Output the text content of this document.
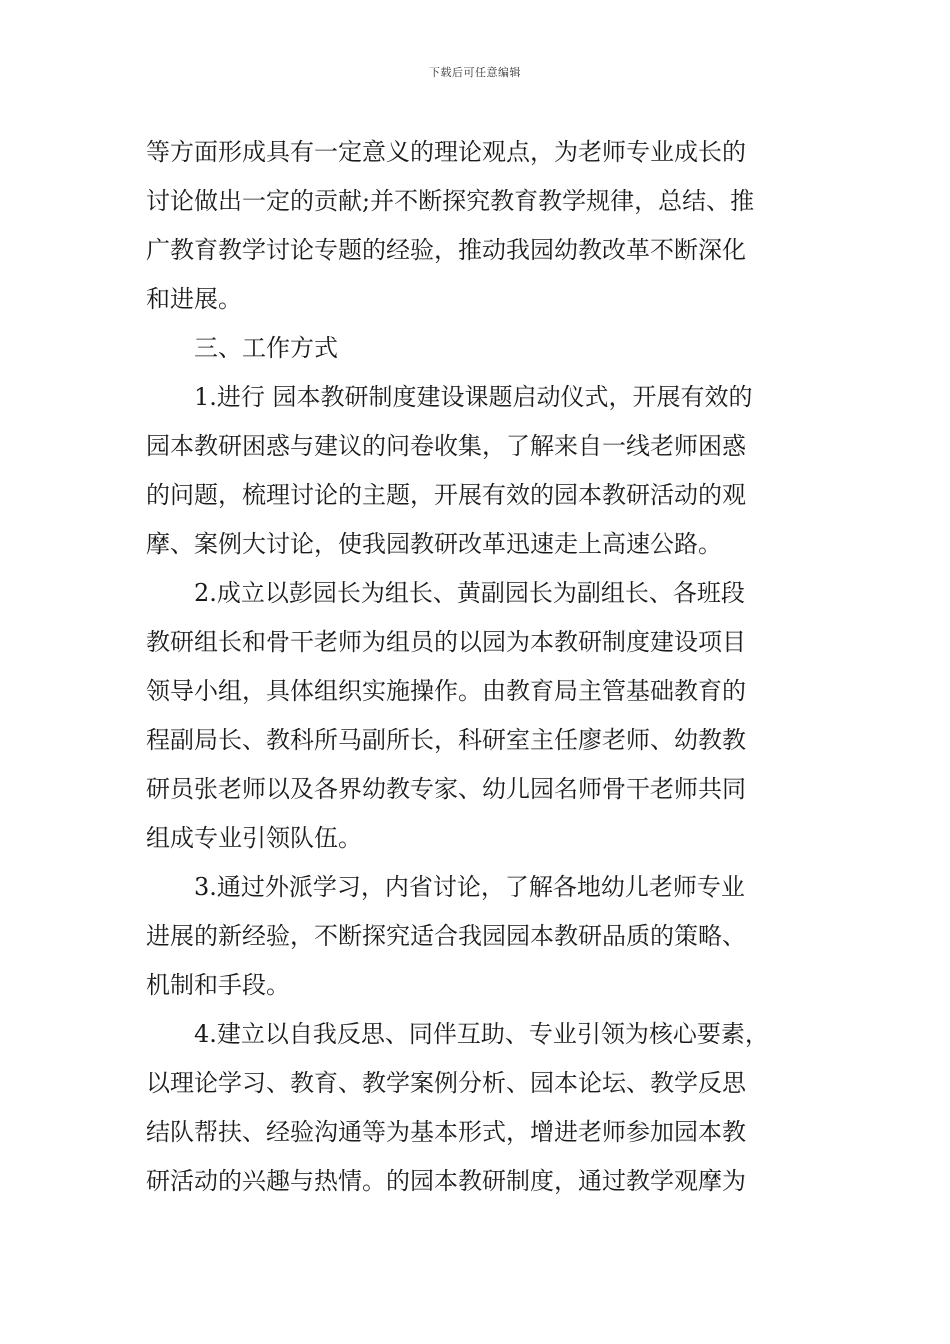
下载后可任意编辑
等方面形成具有一定意义的理论观点，为老师专业成长的
讨论做出一定的贡献;并不断探究教育教学规律，总结、推
广教育教学讨论专题的经验，推动我园幼教改革不断深化
和进展。
三、工作方式
1.进行 园本教研制度建设课题启动仪式，开展有效的
园本教研困惑与建议的问卷收集，了解来自一线老师困惑
的问题，梳理讨论的主题，开展有效的园本教研活动的观
摩、案例大讨论，使我园教研改革迅速走上高速公路。
2.成立以彭园长为组长、黄副园长为副组长、各班段
教研组长和骨干老师为组员的以园为本教研制度建设项目
领导小组，具体组织实施操作。由教育局主管基础教育的
程副局长、教科所马副所长，科研室主任廖老师、幼教教
研员张老师以及各界幼教专家、幼儿园名师骨干老师共同
组成专业引领队伍。
3.通过外派学习，内省讨论，了解各地幼儿老师专业
进展的新经验，不断探究适合我园园本教研品质的策略、
机制和手段。
4.建立以自我反思、同伴互助、专业引领为核心要素，
以理论学习、教育、教学案例分析、园本论坛、教学反思
结队帮扶、经验沟通等为基本形式，增进老师参加园本教
研活动的兴趣与热情。的园本教研制度，通过教学观摩为
